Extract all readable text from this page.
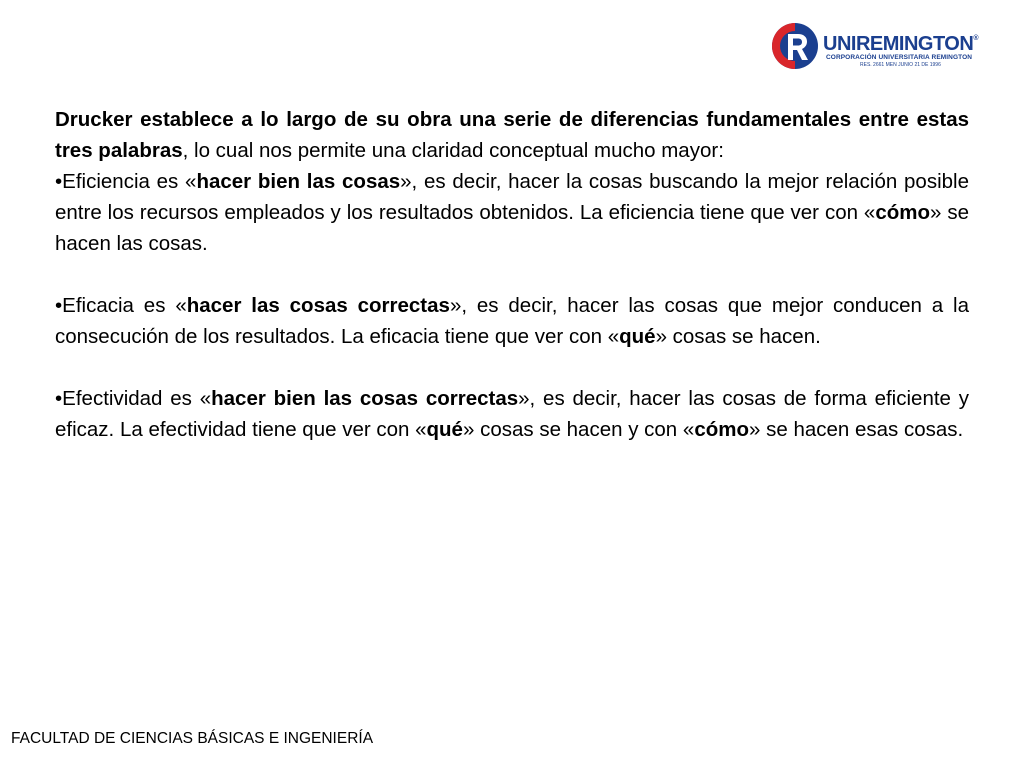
UNIREMINGTON®
CORPORACIÓN UNIVERSITARIA REMINGTON
RES. 2661 MEN JUNIO 21 DE 1996

Drucker establece a lo largo de su obra una serie de diferencias fundamentales entre estas tres palabras, lo cual nos permite una claridad conceptual mucho mayor:

•Eficiencia es «hacer bien las cosas», es decir, hacer la cosas buscando la mejor relación posible entre los recursos empleados y los resultados obtenidos. La eficiencia tiene que ver con «cómo» se hacen las cosas.

•Eficacia es «hacer las cosas correctas», es decir, hacer las cosas que mejor conducen a la consecución de los resultados. La eficacia tiene que ver con «qué» cosas se hacen.

•Efectividad es «hacer bien las cosas correctas», es decir, hacer las cosas de forma eficiente y eficaz. La efectividad tiene que ver con «qué» cosas se hacen y con «cómo» se hacen esas cosas.

FACULTAD DE CIENCIAS BÁSICAS E INGENIERÍA
